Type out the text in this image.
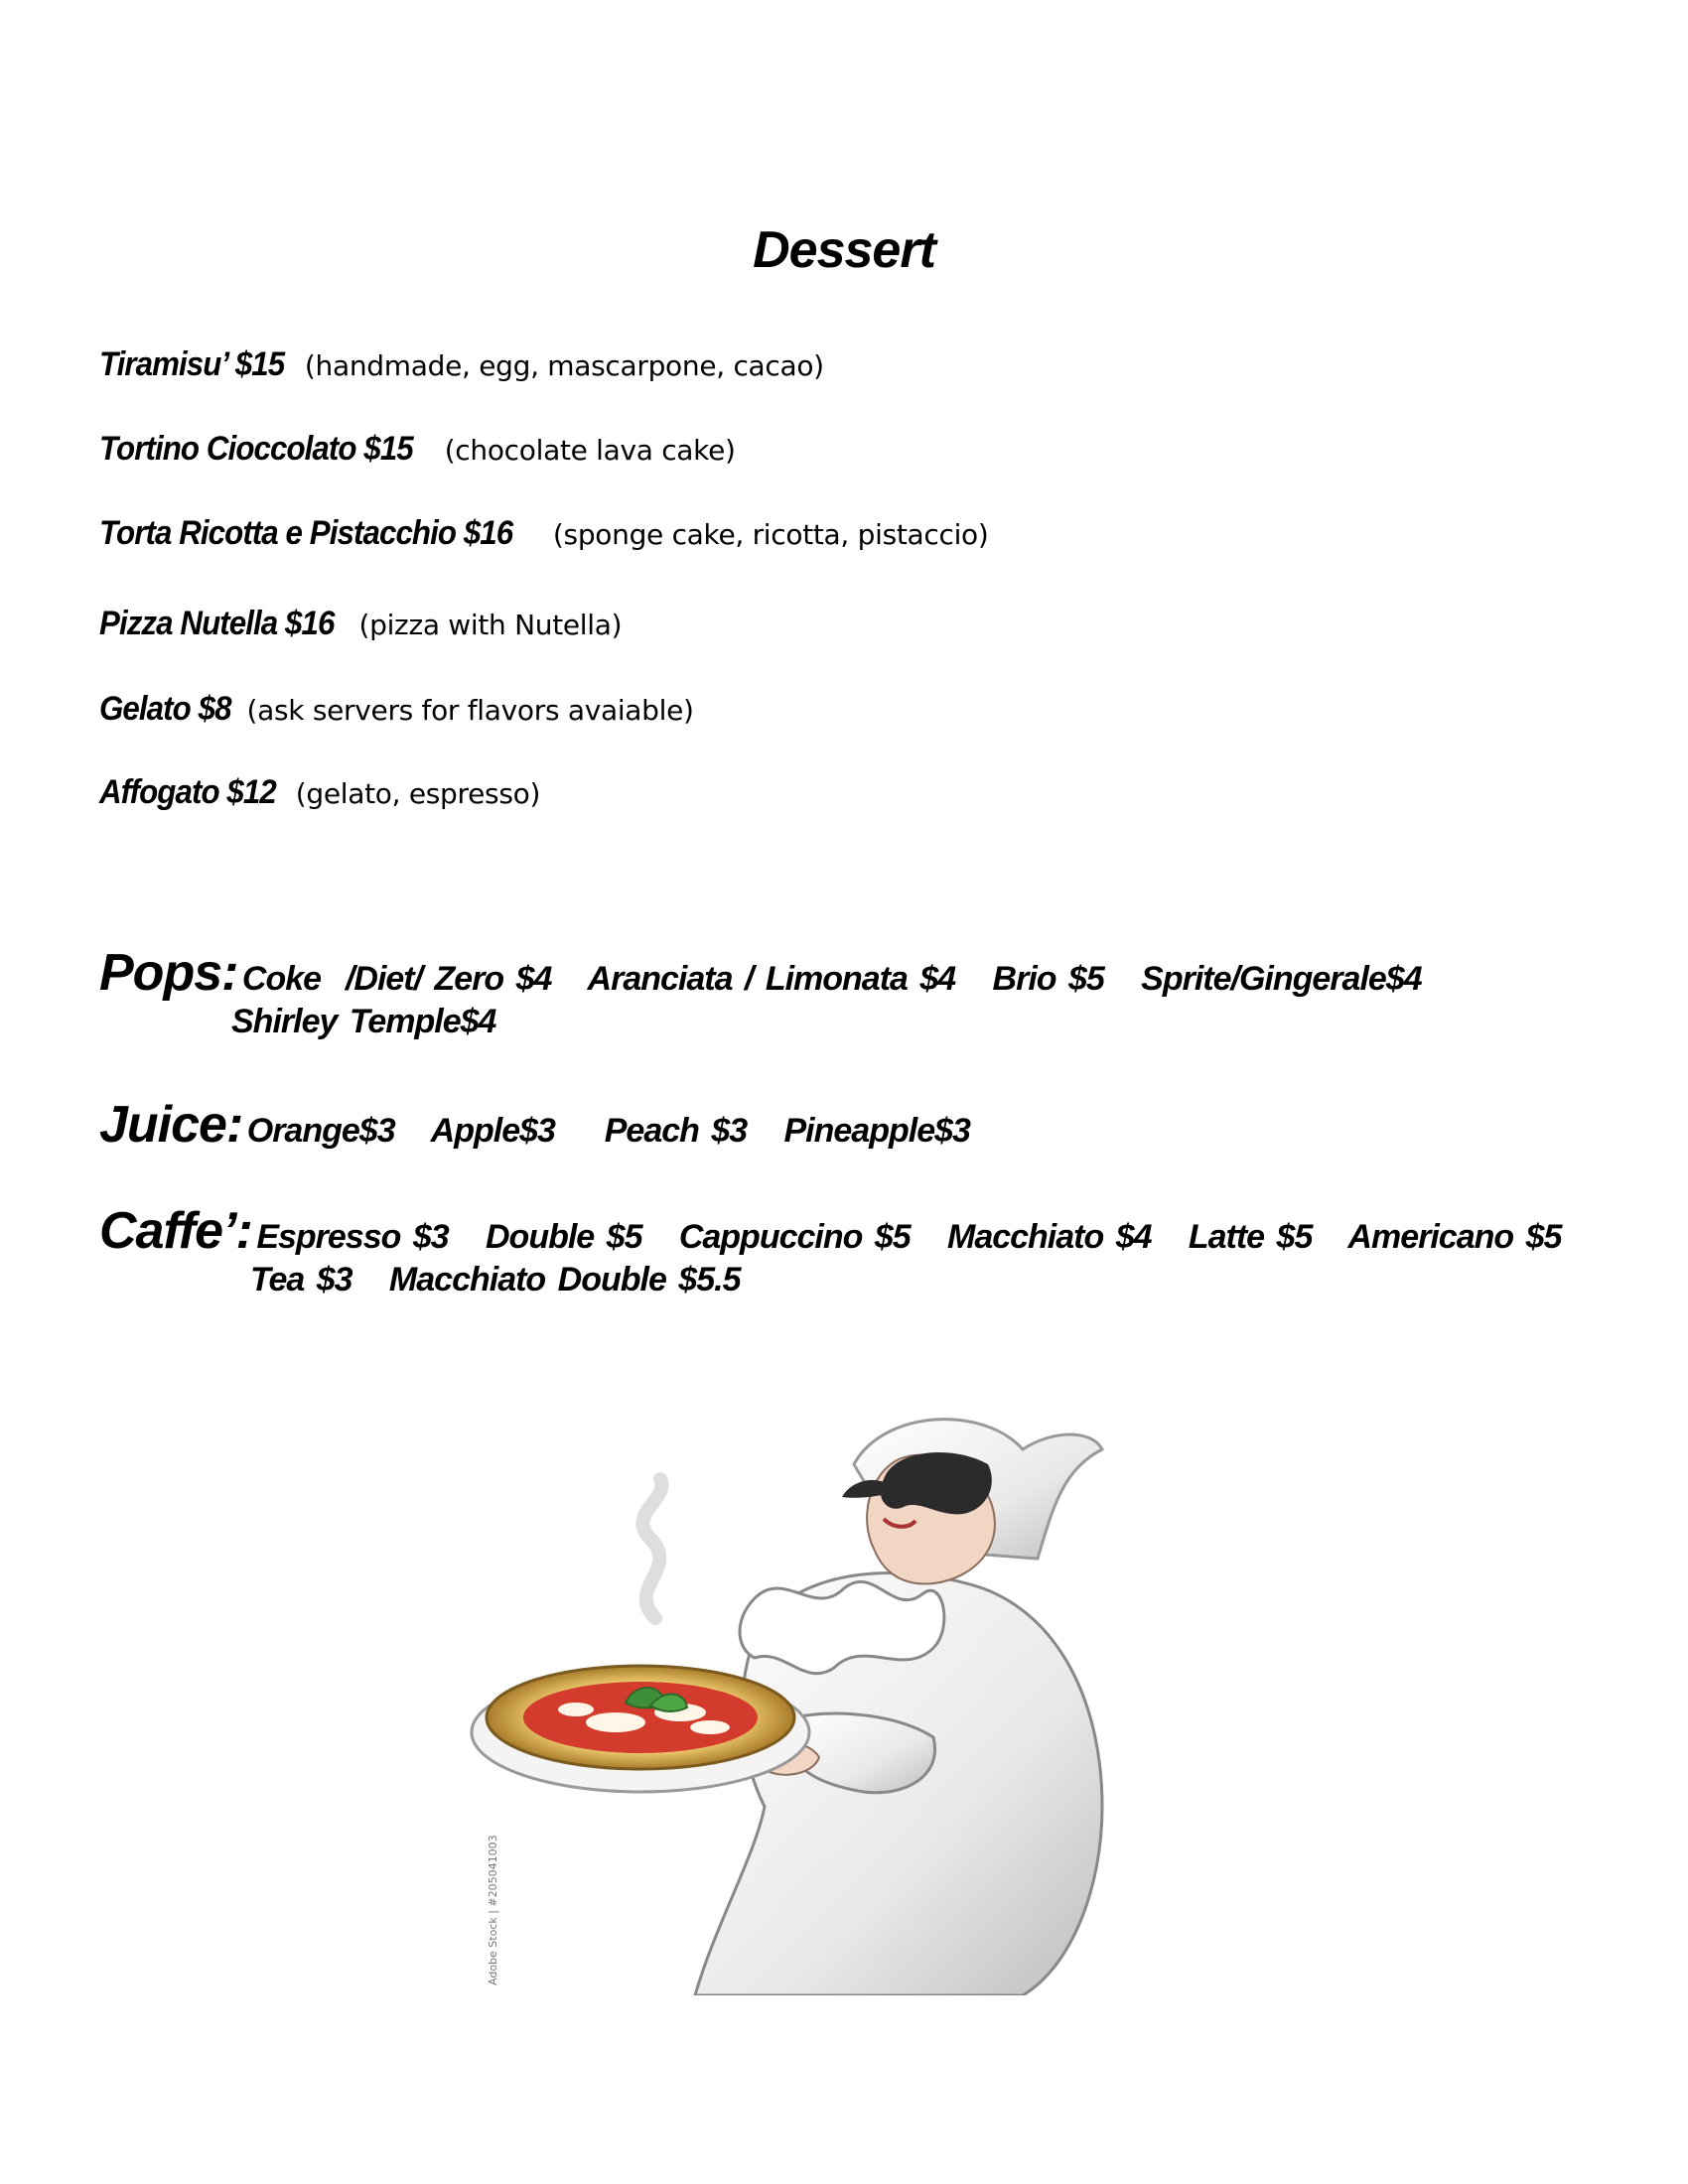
Dessert
Tiramisu’ $15 (handmade, egg, mascarpone, cacao)
Tortino Cioccolato $15 (chocolate lava cake)
Torta Ricotta e Pistacchio $16 (sponge cake, ricotta, pistaccio)
Pizza Nutella $16 (pizza with Nutella)
Gelato $8 (ask servers for flavors avaiable)
Affogato $12 (gelato, espresso)
Pops: Coke  /Diet/ Zero $4   Aranciata / Limonata $4   Brio $5   Sprite/Gingerale$4
Shirley Temple$4
Juice: Orange$3   Apple$3    Peach $3   Pineapple$3
Caffe’: Espresso $3   Double $5   Cappuccino $5   Macchiato $4   Latte $5   Americano $5
Tea $3   Macchiato Double $5.5
Adobe Stock | #205041003
